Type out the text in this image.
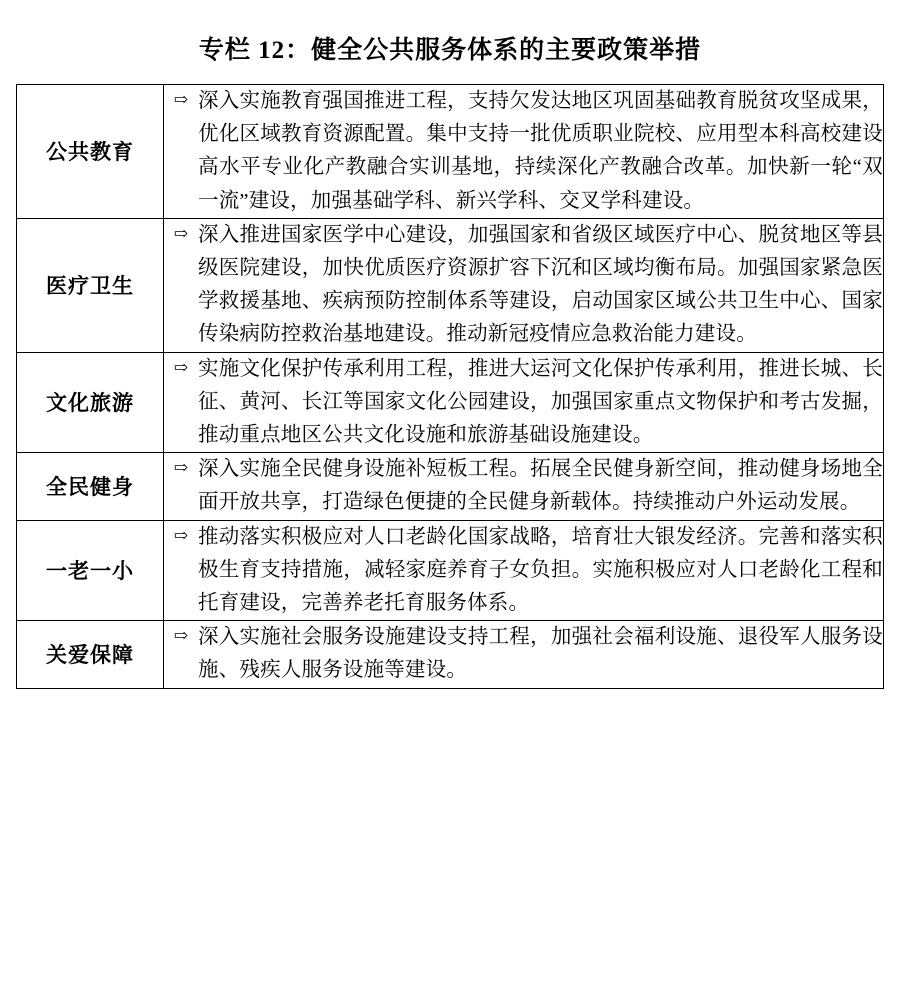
专栏 12：健全公共服务体系的主要政策举措
公共教育	⇨ 深入实施教育强国推进工程，支持欠发达地区巩固基础教育脱贫攻坚成果，优化区域教育资源配置。集中支持一批优质职业院校、应用型本科高校建设高水平专业化产教融合实训基地，持续深化产教融合改革。加快新一轮“双一流”建设，加强基础学科、新兴学科、交叉学科建设。

医疗卫生	⇨ 深入推进国家医学中心建设，加强国家和省级区域医疗中心、脱贫地区等县级医院建设，加快优质医疗资源扩容下沉和区域均衡布局。加强国家紧急医学救援基地、疾病预防控制体系等建设，启动国家区域公共卫生中心、国家传染病防控救治基地建设。推动新冠疫情应急救治能力建设。

文化旅游	⇨ 实施文化保护传承利用工程，推进大运河文化保护传承利用，推进长城、长征、黄河、长江等国家文化公园建设，加强国家重点文物保护和考古发掘，推动重点地区公共文化设施和旅游基础设施建设。

全民健身	⇨ 深入实施全民健身设施补短板工程。拓展全民健身新空间，推动健身场地全面开放共享，打造绿色便捷的全民健身新载体。持续推动户外运动发展。

一老一小	⇨ 推动落实积极应对人口老龄化国家战略，培育壮大银发经济。完善和落实积极生育支持措施，减轻家庭养育子女负担。实施积极应对人口老龄化工程和托育建设，完善养老托育服务体系。

关爱保障	⇨ 深入实施社会服务设施建设支持工程，加强社会福利设施、退役军人服务设施、残疾人服务设施等建设。
